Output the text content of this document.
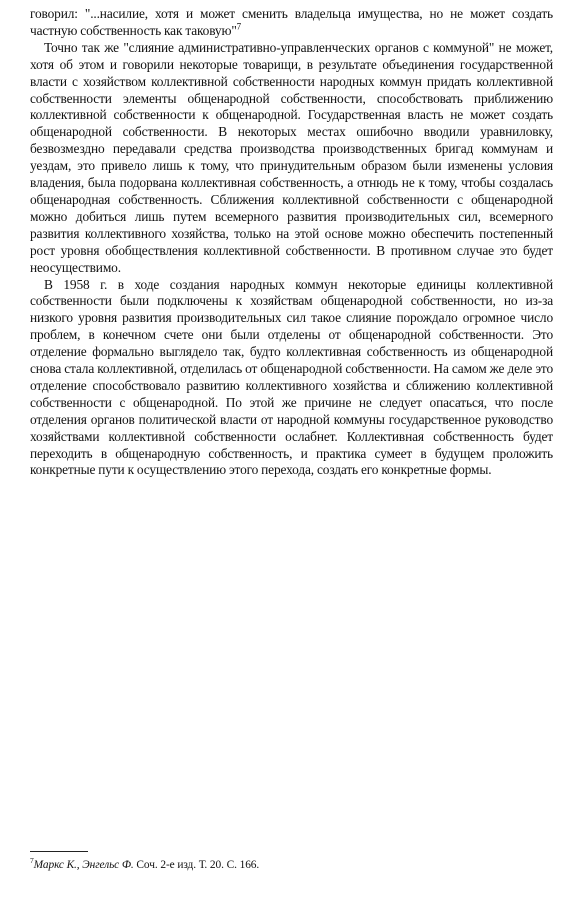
говорил: "...насилие, хотя и может сменить владельца имущества, но не может создать частную собственность как таковую"$^7$

Точно так же "слияние административно-управленческих органов с коммуной" не может, хотя об этом и говорили некоторые товарищи, в результате объединения государственной власти с хозяйством коллективной собственности народных коммун придать коллективной собственности элементы общенародной собственности, способствовать приближению коллективной собственности к общенародной. Государственная власть не может создать общенародной собственности. В некоторых местах ошибочно вводили уравниловку, безвозмездно передавали средства производства производственных бригад коммунам и уездам, это привело лишь к тому, что принудительным образом были изменены условия владения, была подорвана коллективная собственность, а отнюдь не к тому, чтобы создалась общенародная собственность. Сближения коллективной собственности с общенародной можно добиться лишь путем всемерного развития производительных сил, всемерного развития коллективного хозяйства, только на этой основе можно обеспечить постепенный рост уровня обобществления коллективной собственности. В противном случае это будет неосуществимо.

В 1958 г. в ходе создания народных коммун некоторые единицы коллективной собственности были подключены к хозяйствам общенародной собственности, но из-за низкого уровня развития производительных сил такое слияние порождало огромное число проблем, в конечном счете они были отделены от общенародной собственности. Это отделение формально выглядело так, будто коллективная собственность из общенародной снова стала коллективной, отделилась от общенародной собственности. На самом же деле это отделение способствовало развитию коллективного хозяйства и сближению коллективной собственности с общенародной. По этой же причине не следует опасаться, что после отделения органов политической власти от народной коммуны государственное руководство хозяйствами коллективной собственности ослабнет. Коллективная собственность будет переходить в общенародную собственность, и практика сумеет в будущем проложить конкретные пути к осуществлению этого перехода, создать его конкретные формы.

$^7$Маркс К., Энгельс Ф. Соч. 2-е изд. Т. 20. С. 166.
